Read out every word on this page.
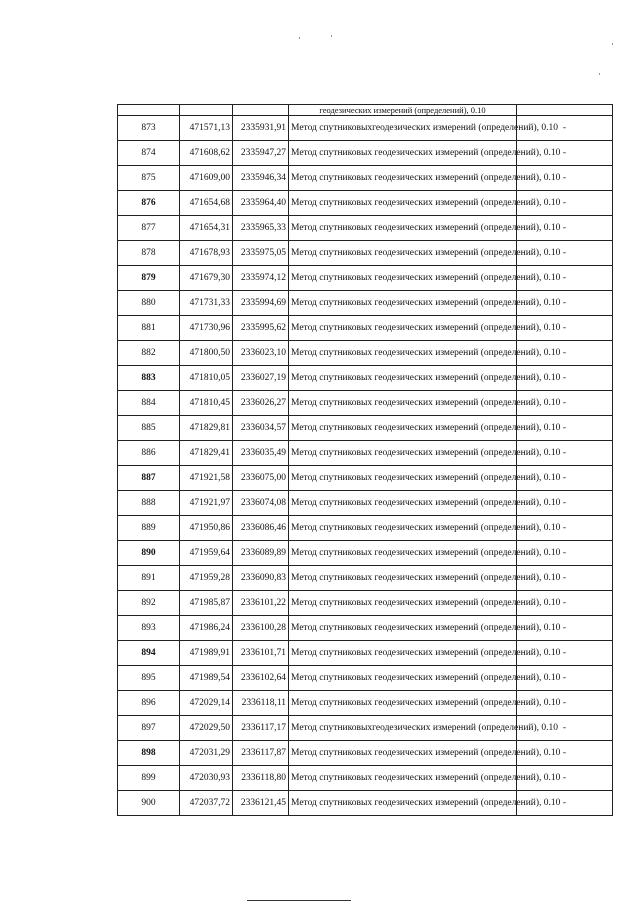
·	·
·
·
			геодезических измерений (определений), 0.10	
873	471571,13	2335931,91	Метод спутниковыхгеодезических измерений (определений), 0.10	-
874	471608,62	2335947,27	Метод спутниковых геодезических измерений (определений), 0.10	-
875	471609,00	2335946,34	Метод спутниковых геодезических измерений (определений), 0.10	-
876	471654,68	2335964,40	Метод спутниковых геодезических измерений (определений), 0.10	-
877	471654,31	2335965,33	Метод спутниковых геодезических измерений (определений), 0.10	-
878	471678,93	2335975,05	Метод спутниковых геодезических измерений (определений), 0.10	-
879	471679,30	2335974,12	Метод спутниковых геодезических измерений (определений), 0.10	-
880	471731,33	2335994,69	Метод спутниковых геодезических измерений (определений), 0.10	-
881	471730,96	2335995,62	Метод спутниковых геодезических измерений (определений), 0.10	-
882	471800,50	2336023,10	Метод спутниковых геодезических измерений (определений), 0.10	-
883	471810,05	2336027,19	Метод спутниковых геодезических измерений (определений), 0.10	-
884	471810,45	2336026,27	Метод спутниковых геодезических измерений (определений), 0.10	-
885	471829,81	2336034,57	Метод спутниковых геодезических измерений (определений), 0.10	-
886	471829,41	2336035,49	Метод спутниковых геодезических измерений (определений), 0.10	-
887	471921,58	2336075,00	Метод спутниковых геодезических измерений (определений), 0.10	-
888	471921,97	2336074,08	Метод спутниковых геодезических измерений (определений), 0.10	-
889	471950,86	2336086,46	Метод спутниковых геодезических измерений (определений), 0.10	-
890	471959,64	2336089,89	Метод спутниковых геодезических измерений (определений), 0.10	-
891	471959,28	2336090,83	Метод спутниковых геодезических измерений (определений), 0.10	-
892	471985,87	2336101,22	Метод спутниковых геодезических измерений (определений), 0.10	-
893	471986,24	2336100,28	Метод спутниковых геодезических измерений (определений), 0.10	-
894	471989,91	2336101,71	Метод спутниковых геодезических измерений (определений), 0.10	-
895	471989,54	2336102,64	Метод спутниковых геодезических измерений (определений), 0.10	-
896	472029,14	2336118,11	Метод спутниковых геодезических измерений (определений), 0.10	-
897	472029,50	2336117,17	Метод спутниковыхгеодезических измерений (определений), 0.10	-
898	472031,29	2336117,87	Метод спутниковых геодезических измерений (определений), 0.10	-
899	472030,93	2336118,80	Метод спутниковых геодезических измерений (определений), 0.10	-
900	472037,72	2336121,45	Метод спутниковых геодезических измерений (определений), 0.10	-
